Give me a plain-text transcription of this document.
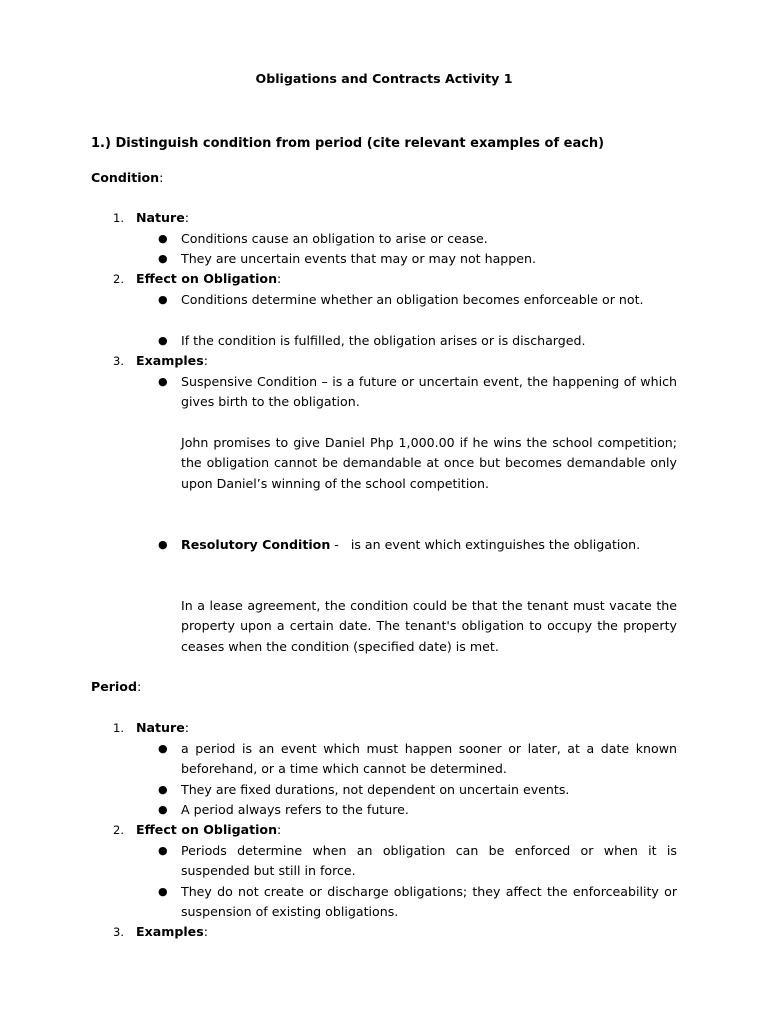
Obligations and Contracts Activity 1
1.) Distinguish condition from period (cite relevant examples of each)
Condition:
1. Nature:
● Conditions cause an obligation to arise or cease.
● They are uncertain events that may or may not happen.
2. Effect on Obligation:
● Conditions determine whether an obligation becomes enforceable or not.
● If the condition is fulfilled, the obligation arises or is discharged.
3. Examples:
● Suspensive Condition – is a future or uncertain event, the happening of which gives birth to the obligation.
John promises to give Daniel Php 1,000.00 if he wins the school competition; the obligation cannot be demandable at once but becomes demandable only upon Daniel’s winning of the school competition.
● Resolutory Condition -   is an event which extinguishes the obligation.
In a lease agreement, the condition could be that the tenant must vacate the property upon a certain date. The tenant's obligation to occupy the property ceases when the condition (specified date) is met.
Period:
1. Nature:
● a period is an event which must happen sooner or later, at a date known beforehand, or a time which cannot be determined.
● They are fixed durations, not dependent on uncertain events.
● A period always refers to the future.
2. Effect on Obligation:
● Periods determine when an obligation can be enforced or when it is suspended but still in force.
● They do not create or discharge obligations; they affect the enforceability or suspension of existing obligations.
3. Examples:
